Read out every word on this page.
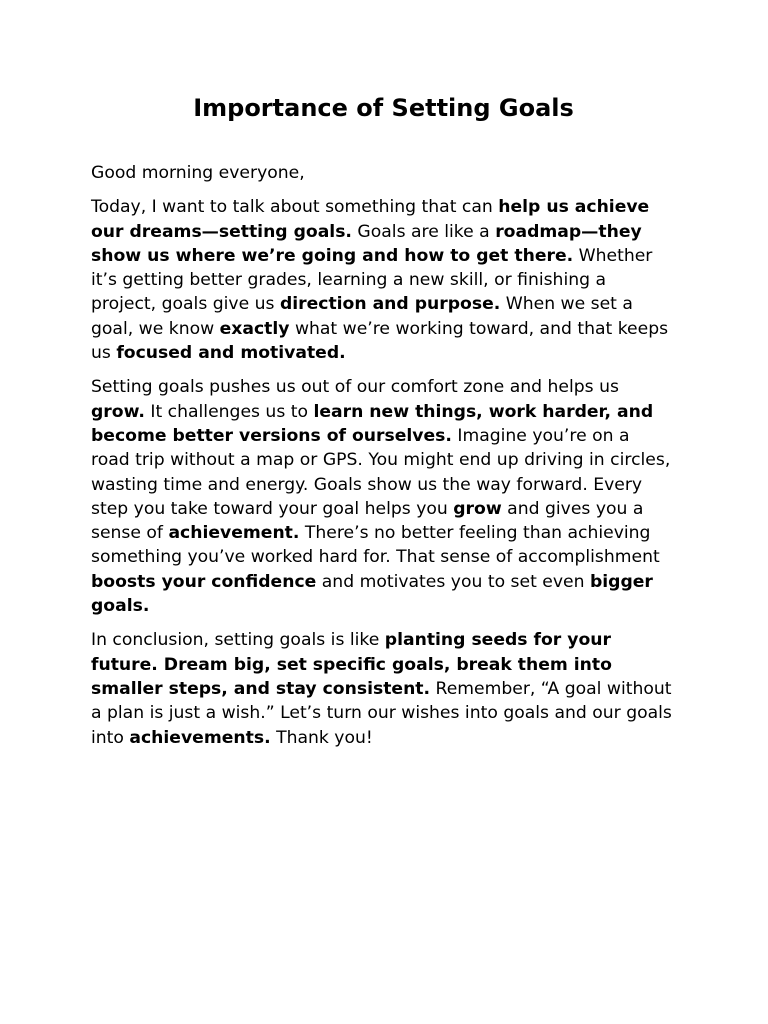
Importance of Setting Goals

Good morning everyone,

Today, I want to talk about something that can help us achieve our dreams—setting goals. Goals are like a roadmap—they show us where we’re going and how to get there. Whether it’s getting better grades, learning a new skill, or finishing a project, goals give us direction and purpose. When we set a goal, we know exactly what we’re working toward, and that keeps us focused and motivated.

Setting goals pushes us out of our comfort zone and helps us grow. It challenges us to learn new things, work harder, and become better versions of ourselves. Imagine you’re on a road trip without a map or GPS. You might end up driving in circles, wasting time and energy. Goals show us the way forward. Every step you take toward your goal helps you grow and gives you a sense of achievement. There’s no better feeling than achieving something you’ve worked hard for. That sense of accomplishment boosts your confidence and motivates you to set even bigger goals.

In conclusion, setting goals is like planting seeds for your future. Dream big, set specific goals, break them into smaller steps, and stay consistent. Remember, “A goal without a plan is just a wish.” Let’s turn our wishes into goals and our goals into achievements. Thank you!
